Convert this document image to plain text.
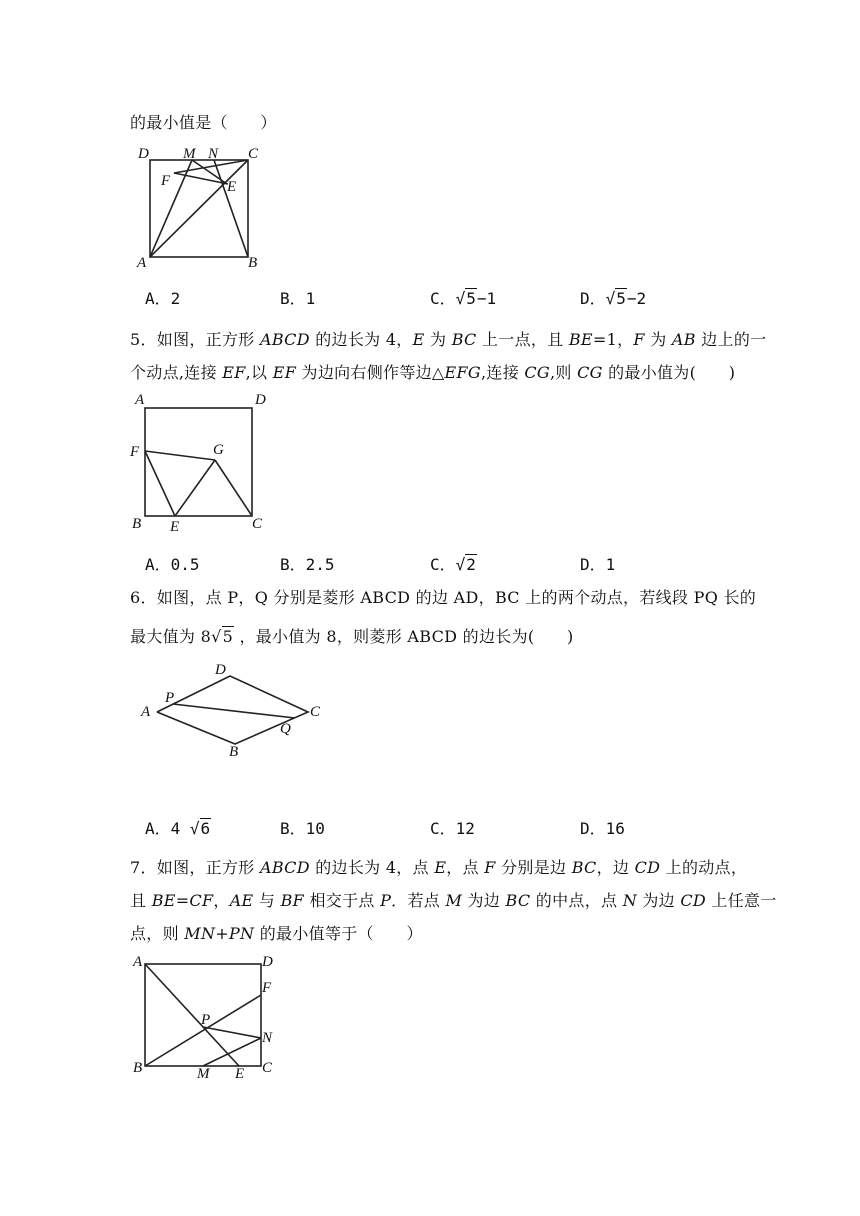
的最小值是（　　）
D M N C
F	E
A	B
A．2	B．1	C．√5−1	D．√5−2
5．如图，正方形 ABCD 的边长为 4，E 为 BC 上一点，且 BE=1，F 为 AB 边上的一
个动点,连接 EF,以 EF 为边向右侧作等边△EFG,连接 CG,则 CG 的最小值为(　　)
A	D
F	G
B E	C
A．0.5	B．2.5	C．√2	D．1
6．如图，点 P，Q 分别是菱形 ABCD 的边 AD，BC 上的两个动点，若线段 PQ 长的
最大值为 8√5 ，最小值为 8，则菱形 ABCD 的边长为(　　)
D
P
A	C
Q
B
A．4 √6	B．10	C．12	D．16
7．如图，正方形 ABCD 的边长为 4，点 E，点 F 分别是边 BC，边 CD 上的动点，
且 BE=CF，AE 与 BF 相交于点 P．若点 M 为边 BC 的中点，点 N 为边 CD 上任意一
点，则 MN+PN 的最小值等于（　　）
A	D
F
P
N
B	M E C
